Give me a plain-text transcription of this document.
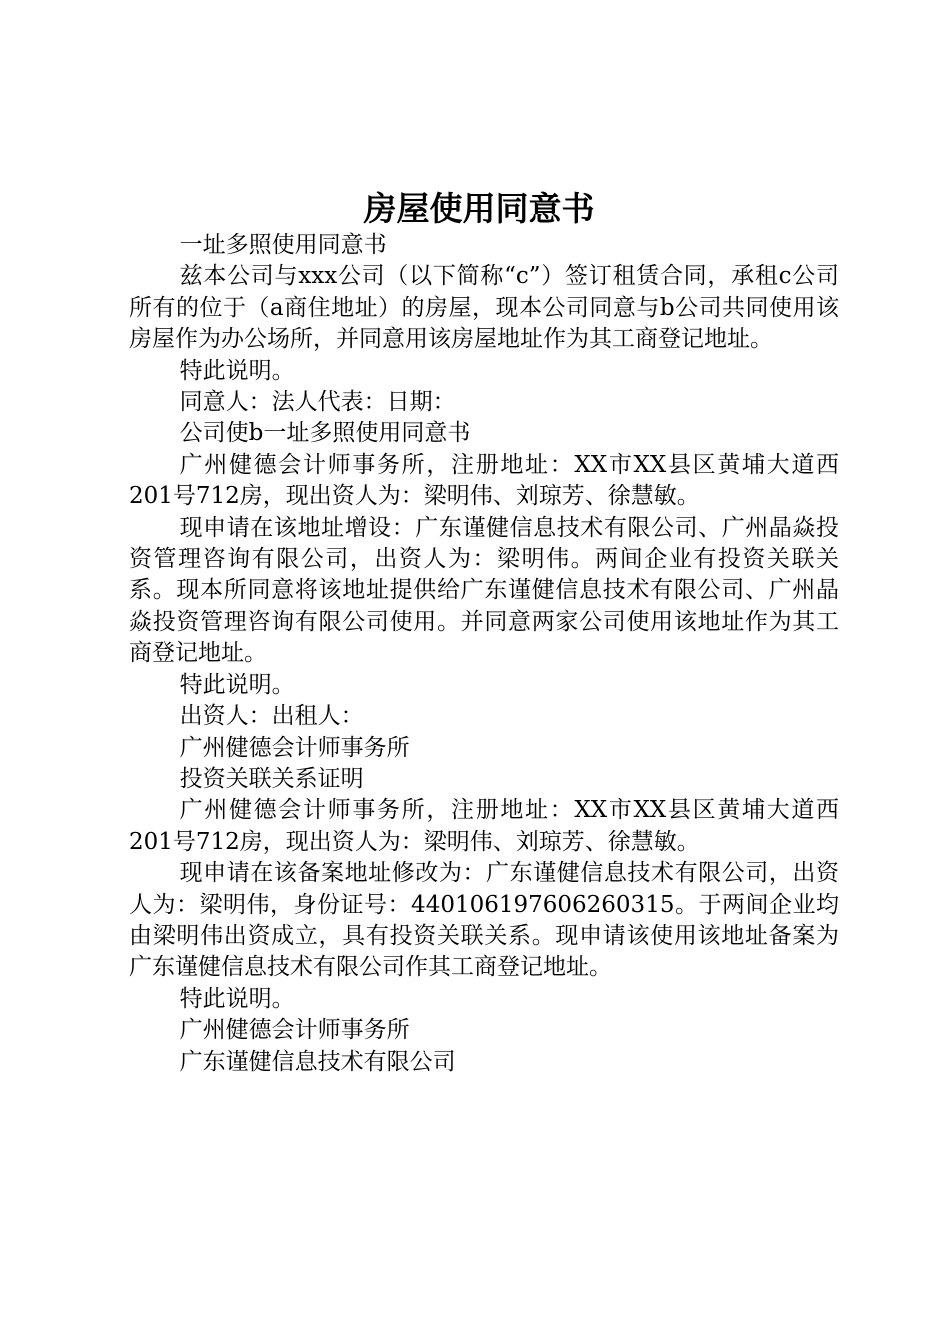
房屋使用同意书

一址多照使用同意书

兹本公司与xxx公司（以下简称“c”）签订租赁合同，承租c公司所有的位于（a商住地址）的房屋，现本公司同意与b公司共同使用该房屋作为办公场所，并同意用该房屋地址作为其工商登记地址。

特此说明。

同意人：法人代表：日期：

公司使b一址多照使用同意书

广州健德会计师事务所，注册地址：XX市XX县区黄埔大道西201号712房，现出资人为：梁明伟、刘琼芳、徐慧敏。

现申请在该地址增设：广东谨健信息技术有限公司、广州晶焱投资管理咨询有限公司，出资人为：梁明伟。两间企业有投资关联关系。现本所同意将该地址提供给广东谨健信息技术有限公司、广州晶焱投资管理咨询有限公司使用。并同意两家公司使用该地址作为其工商登记地址。

特此说明。

出资人：出租人：

广州健德会计师事务所

投资关联关系证明

广州健德会计师事务所，注册地址：XX市XX县区黄埔大道西201号712房，现出资人为：梁明伟、刘琼芳、徐慧敏。

现申请在该备案地址修改为：广东谨健信息技术有限公司，出资人为：梁明伟，身份证号：440106197606260315。于两间企业均由梁明伟出资成立，具有投资关联关系。现申请该使用该地址备案为广东谨健信息技术有限公司作其工商登记地址。

特此说明。

广州健德会计师事务所

广东谨健信息技术有限公司
